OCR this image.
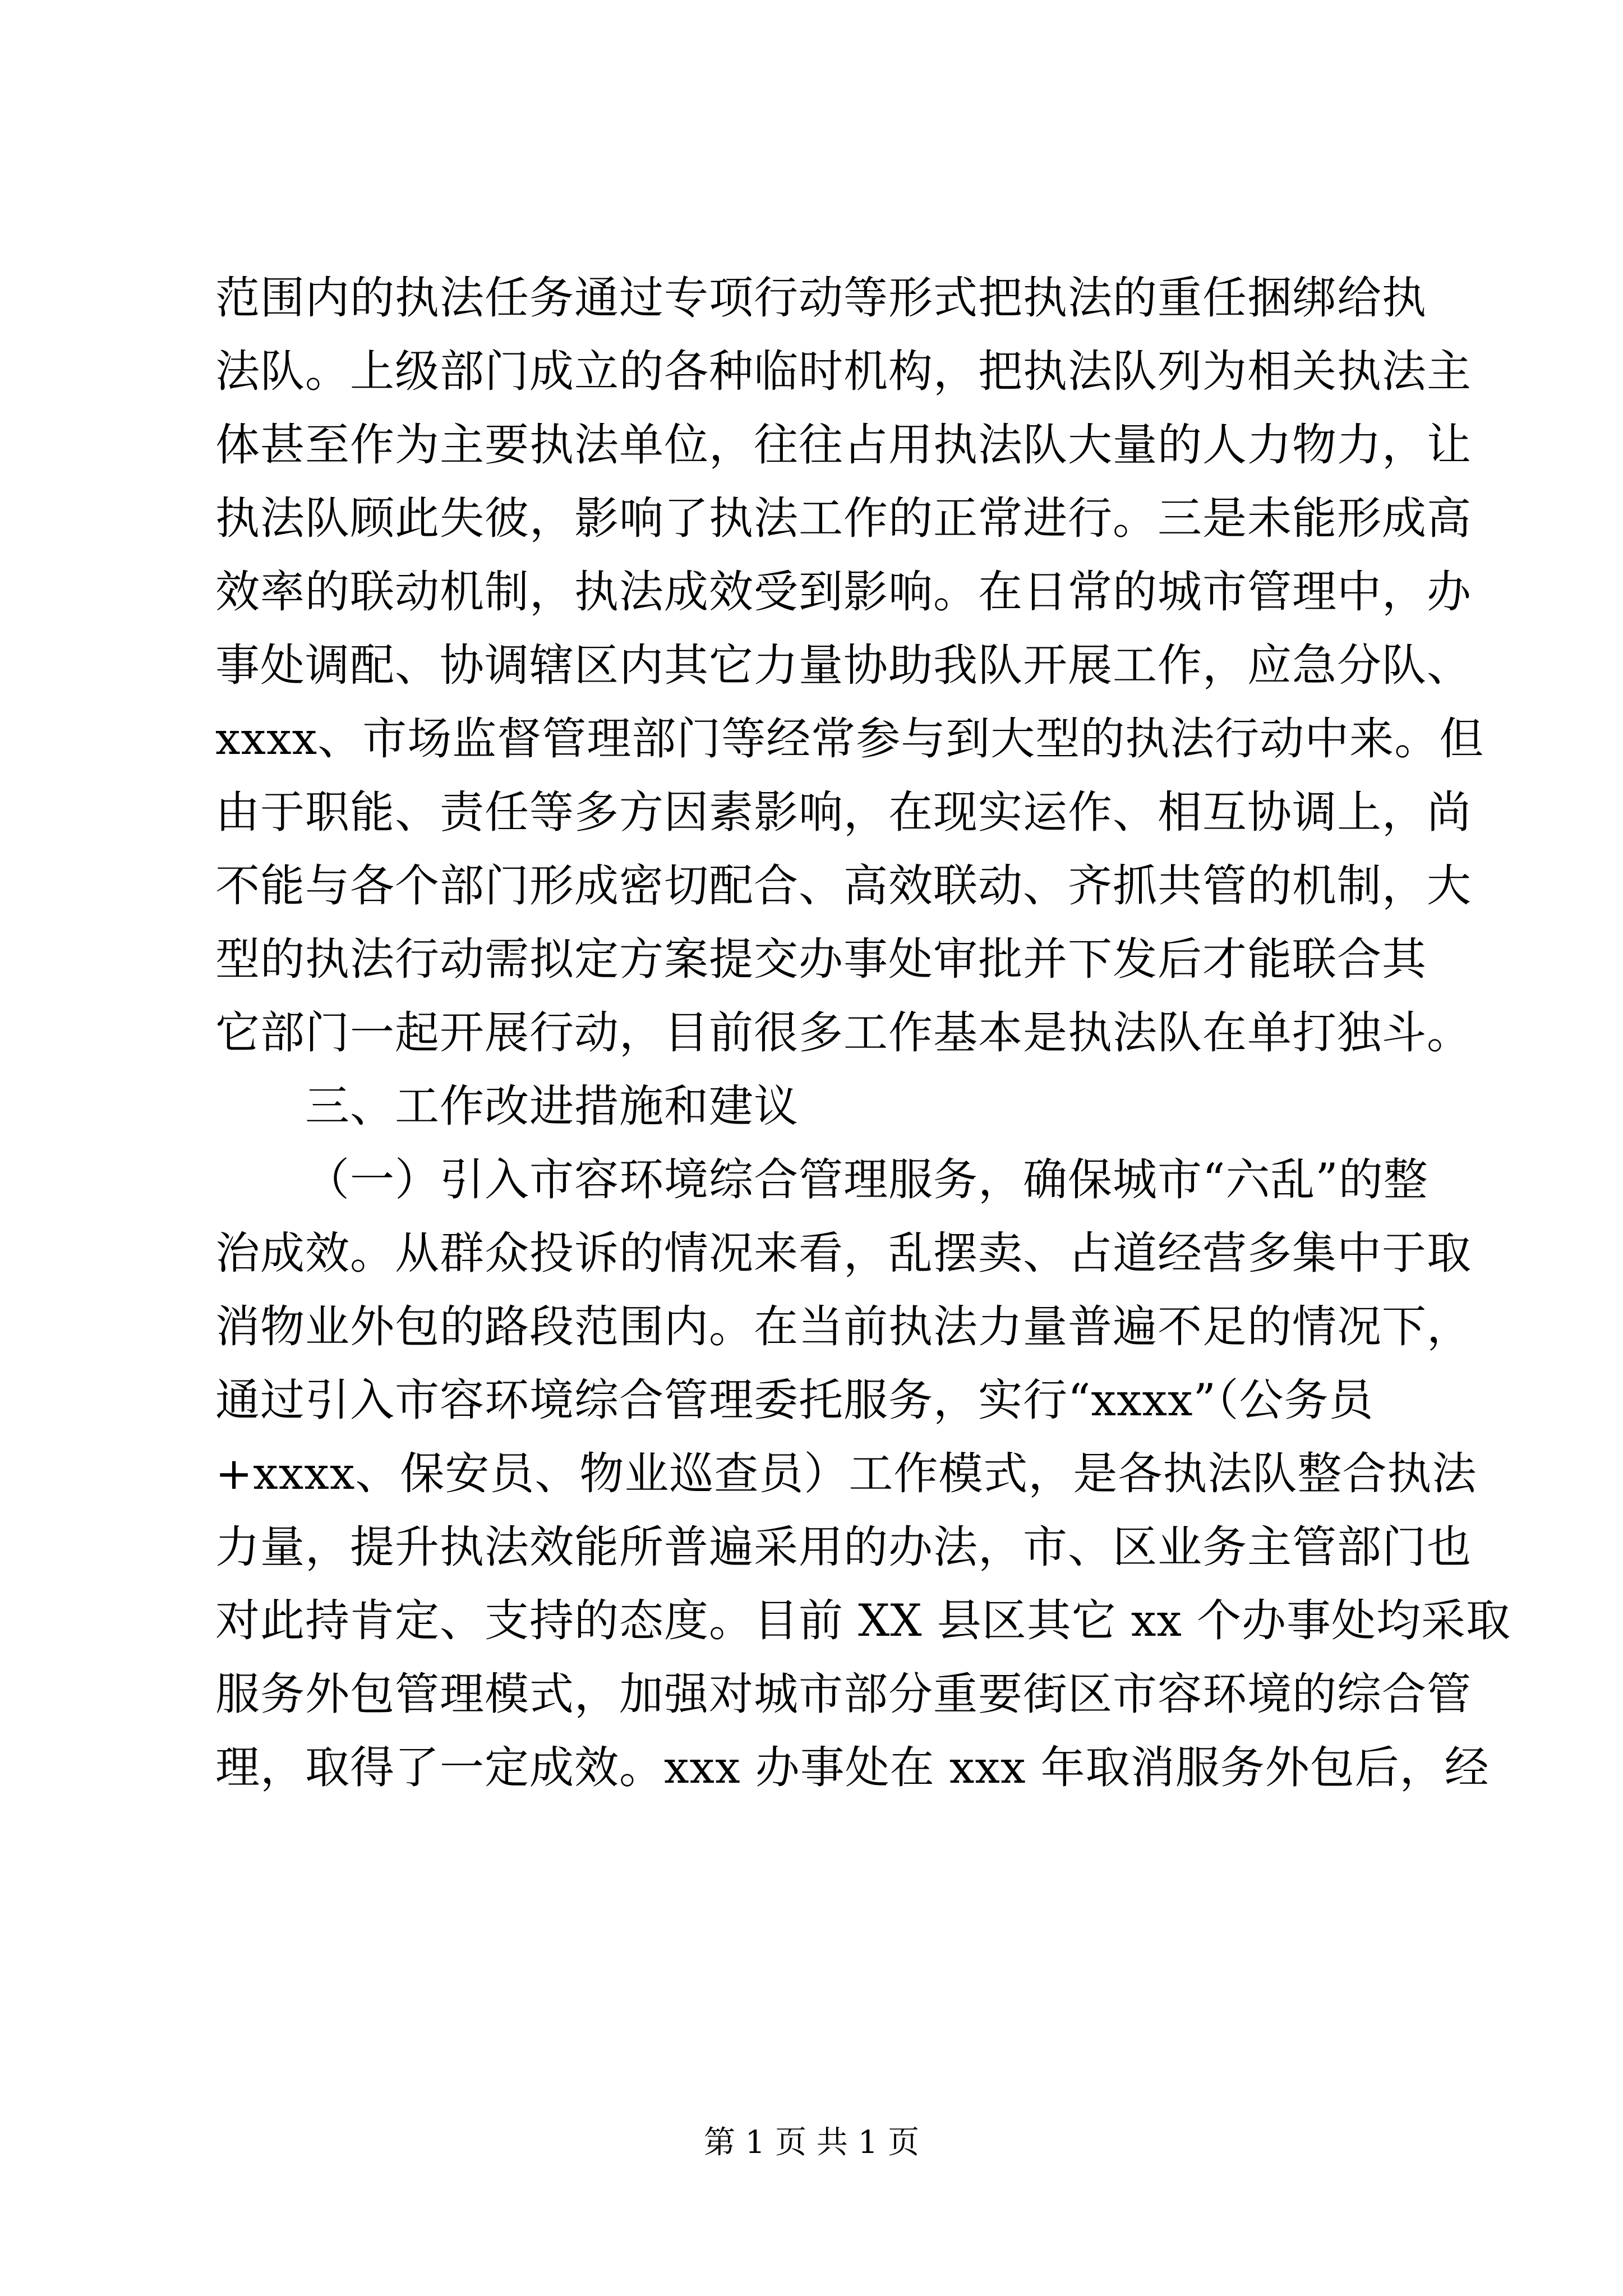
范围内的执法任务通过专项行动等形式把执法的重任捆绑给执
法队。上级部门成立的各种临时机构，把执法队列为相关执法主
体甚至作为主要执法单位，往往占用执法队大量的人力物力，让
执法队顾此失彼，影响了执法工作的正常进行。三是未能形成高
效率的联动机制，执法成效受到影响。在日常的城市管理中，办
事处调配、协调辖区内其它力量协助我队开展工作，应急分队、
xxxx、市场监督管理部门等经常参与到大型的执法行动中来。但
由于职能、责任等多方因素影响，在现实运作、相互协调上，尚
不能与各个部门形成密切配合、高效联动、齐抓共管的机制，大
型的执法行动需拟定方案提交办事处审批并下发后才能联合其
它部门一起开展行动，目前很多工作基本是执法队在单打独斗。
三、工作改进措施和建议
（一）引入市容环境综合管理服务，确保城市“六乱”的整
治成效。从群众投诉的情况来看，乱摆卖、占道经营多集中于取
消物业外包的路段范围内。在当前执法力量普遍不足的情况下，
通过引入市容环境综合管理委托服务，实行“xxxx”（公务员
+xxxx、保安员、物业巡查员）工作模式，是各执法队整合执法
力量，提升执法效能所普遍采用的办法，市、区业务主管部门也
对此持肯定、支持的态度。目前 XX 县区其它 xx 个办事处均采取
服务外包管理模式，加强对城市部分重要街区市容环境的综合管
理，取得了一定成效。xxx 办事处在 xxx 年取消服务外包后，经
第 1 页 共 1 页
